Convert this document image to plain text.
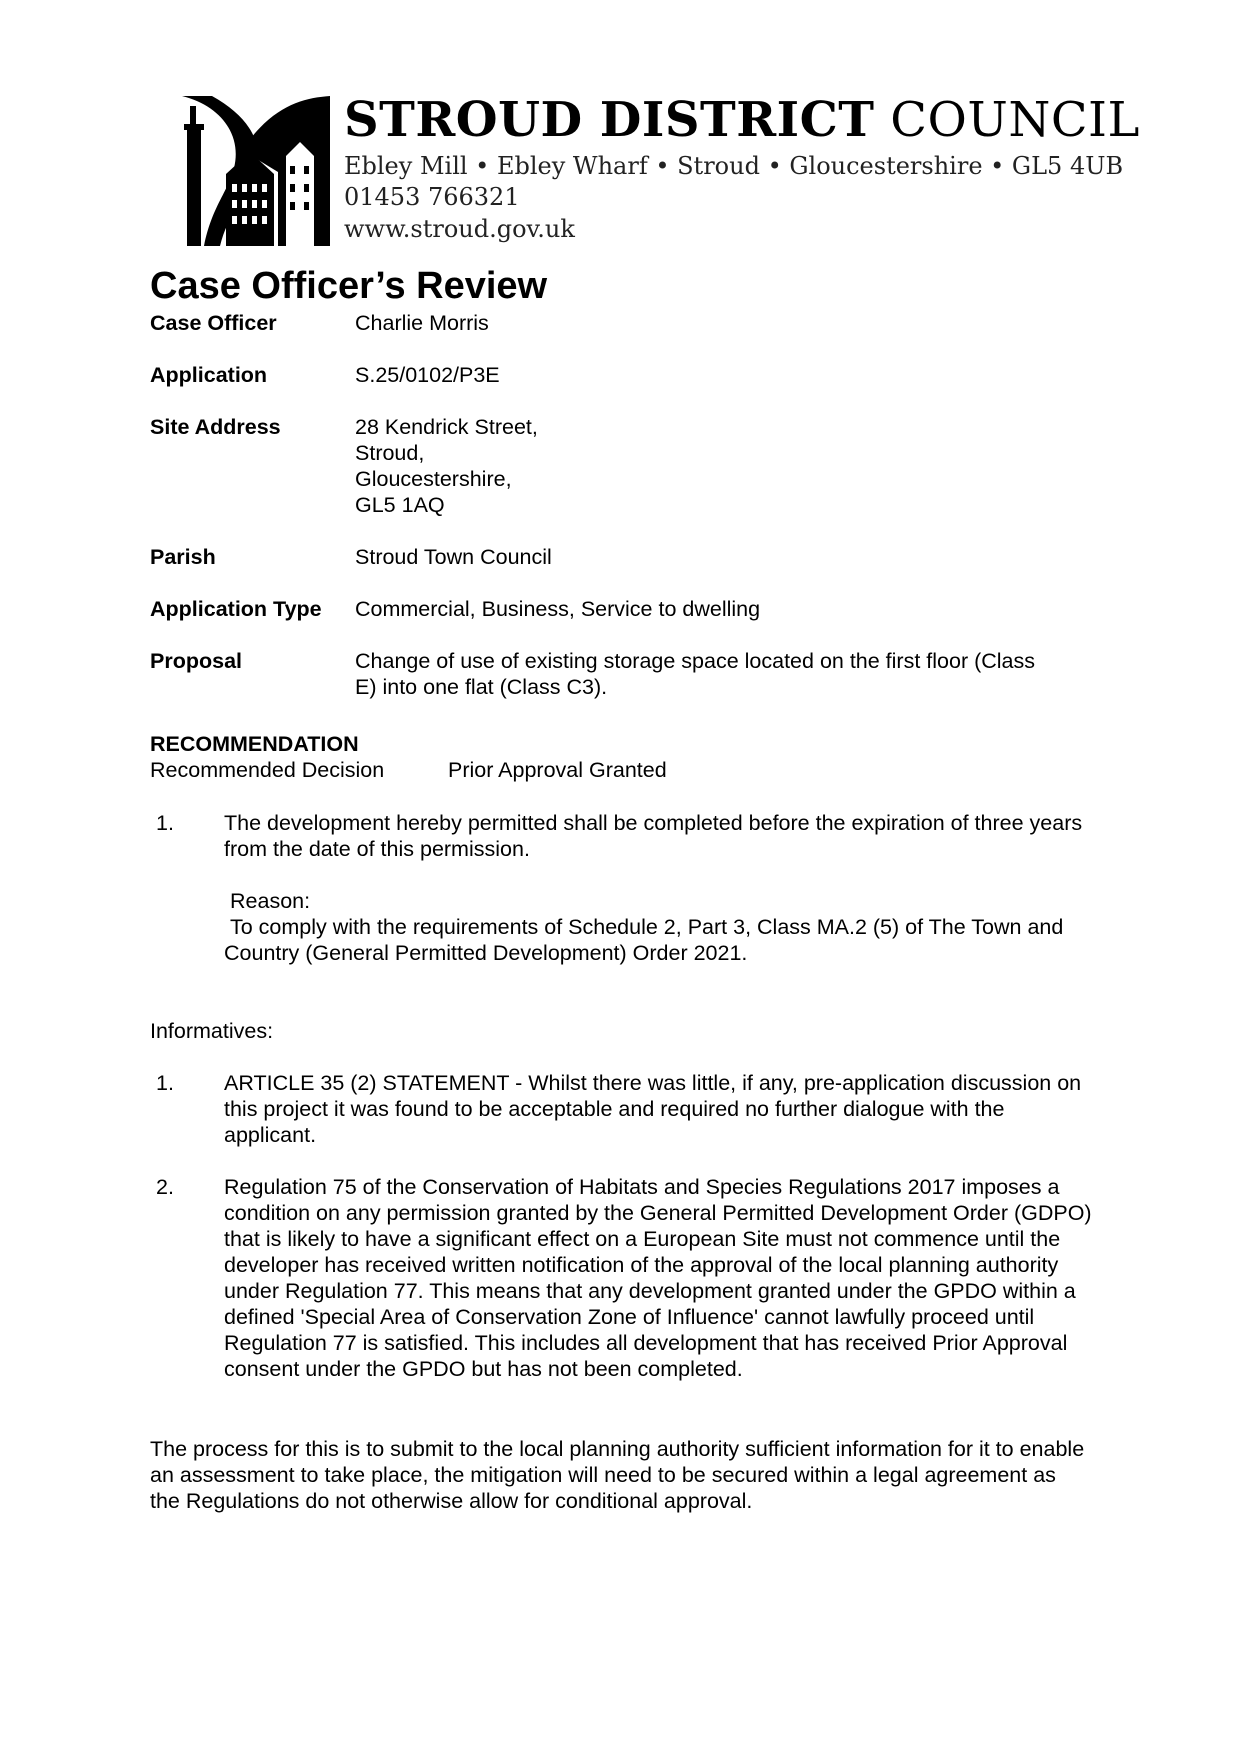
STROUD DISTRICT COUNCIL
Ebley Mill • Ebley Wharf • Stroud • Gloucestershire • GL5 4UB
01453 766321
www.stroud.gov.uk
Case Officer’s Review
Case Officer	Charlie Morris
Application	S.25/0102/P3E
Site Address	28 Kendrick Street,
Stroud,
Gloucestershire,
GL5 1AQ
Parish	Stroud Town Council
Application Type	Commercial, Business, Service to dwelling
Proposal	Change of use of existing storage space located on the first floor (Class
E) into one flat (Class C3).
RECOMMENDATION
Recommended Decision	Prior Approval Granted
1.	The development hereby permitted shall be completed before the expiration of three years from the date of this permission.
Reason:
To comply with the requirements of Schedule 2, Part 3, Class MA.2 (5) of The Town and Country (General Permitted Development) Order 2021.
Informatives:
1.	ARTICLE 35 (2) STATEMENT - Whilst there was little, if any, pre-application discussion on this project it was found to be acceptable and required no further dialogue with the applicant.
2.	Regulation 75 of the Conservation of Habitats and Species Regulations 2017 imposes a condition on any permission granted by the General Permitted Development Order (GDPO) that is likely to have a significant effect on a European Site must not commence until the developer has received written notification of the approval of the local planning authority under Regulation 77. This means that any development granted under the GPDO within a defined 'Special Area of Conservation Zone of Influence' cannot lawfully proceed until Regulation 77 is satisfied. This includes all development that has received Prior Approval consent under the GPDO but has not been completed.
The process for this is to submit to the local planning authority sufficient information for it to enable an assessment to take place, the mitigation will need to be secured within a legal agreement as the Regulations do not otherwise allow for conditional approval.
